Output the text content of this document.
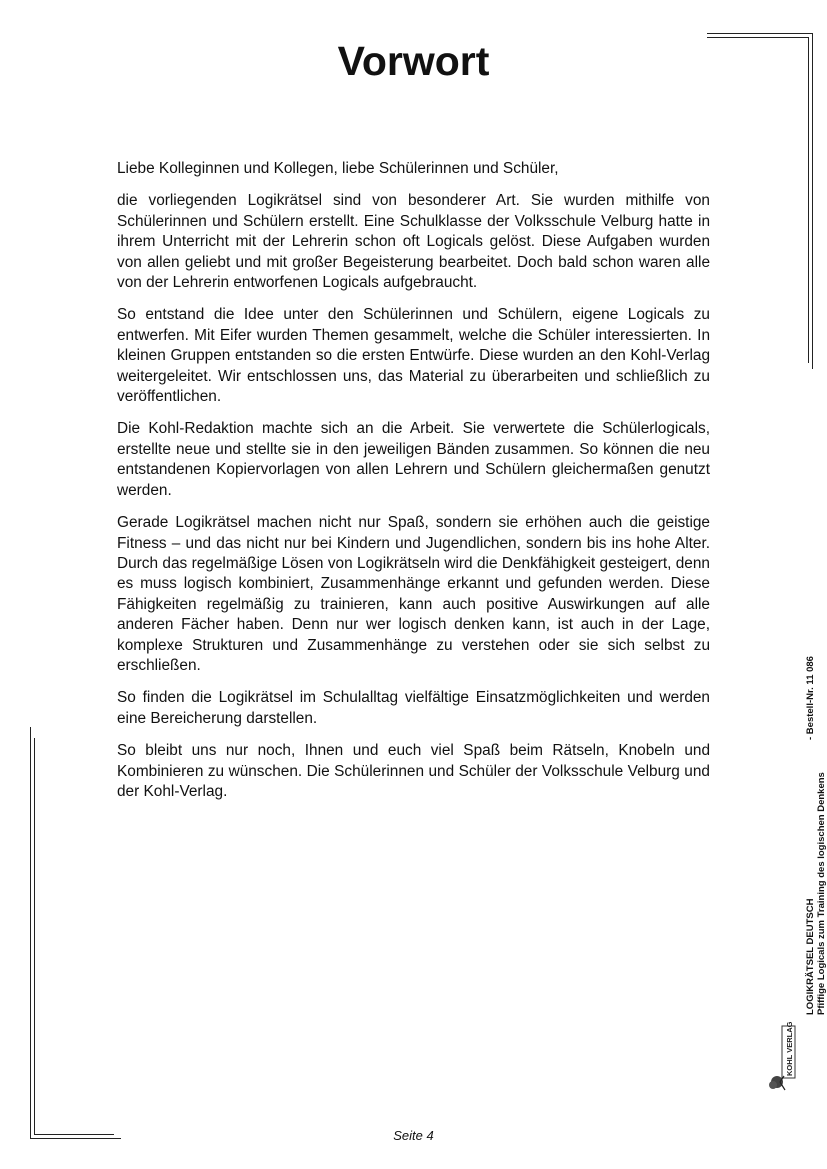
Vorwort

Liebe Kolleginnen und Kollegen, liebe Schülerinnen und Schüler,

die vorliegenden Logikrätsel sind von besonderer Art. Sie wurden mithilfe von Schülerinnen und Schülern erstellt. Eine Schulklasse der Volksschule Velburg hatte in ihrem Unterricht mit der Lehrerin schon oft Logicals gelöst. Diese Aufgaben wurden von allen geliebt und mit großer Begeisterung bearbeitet. Doch bald schon waren alle von der Lehrerin entworfenen Logicals aufgebraucht.

So entstand die Idee unter den Schülerinnen und Schülern, eigene Logicals zu entwerfen. Mit Eifer wurden Themen gesammelt, welche die Schüler interessierten. In kleinen Gruppen entstanden so die ersten Entwürfe. Diese wurden an den Kohl-Verlag weitergeleitet. Wir entschlossen uns, das Material zu überarbeiten und schließlich zu veröffentlichen.

Die Kohl-Redaktion machte sich an die Arbeit. Sie verwertete die Schülerlogicals, erstellte neue und stellte sie in den jeweiligen Bänden zusammen. So können die neu entstandenen Kopiervorlagen von allen Lehrern und Schülern gleichermaßen genutzt werden.

Gerade Logikrätsel machen nicht nur Spaß, sondern sie erhöhen auch die geistige Fitness – und das nicht nur bei Kindern und Jugendlichen, sondern bis ins hohe Alter. Durch das regelmäßige Lösen von Logikrätseln wird die Denkfähigkeit gesteigert, denn es muss logisch kombiniert, Zusammenhänge erkannt und gefunden werden. Diese Fähigkeiten regelmäßig zu trainieren, kann auch positive Auswirkungen auf alle anderen Fächer haben. Denn nur wer logisch denken kann, ist auch in der Lage, komplexe Strukturen und Zusammenhänge zu verstehen oder sie sich selbst zu erschließen.

So finden die Logikrätsel im Schulalltag vielfältige Einsatzmöglichkeiten und werden eine Bereicherung darstellen.

So bleibt uns nur noch, Ihnen und euch viel Spaß beim Rätseln, Knobeln und Kombinieren zu wünschen. Die Schülerinnen und Schüler der Volksschule Velburg und der Kohl-Verlag.

- Bestell-Nr. 11 086
LOGIKRÄTSEL DEUTSCH Pfiffige Logicals zum Training des logischen Denkens
KOHL VERLAG
Seite 4
